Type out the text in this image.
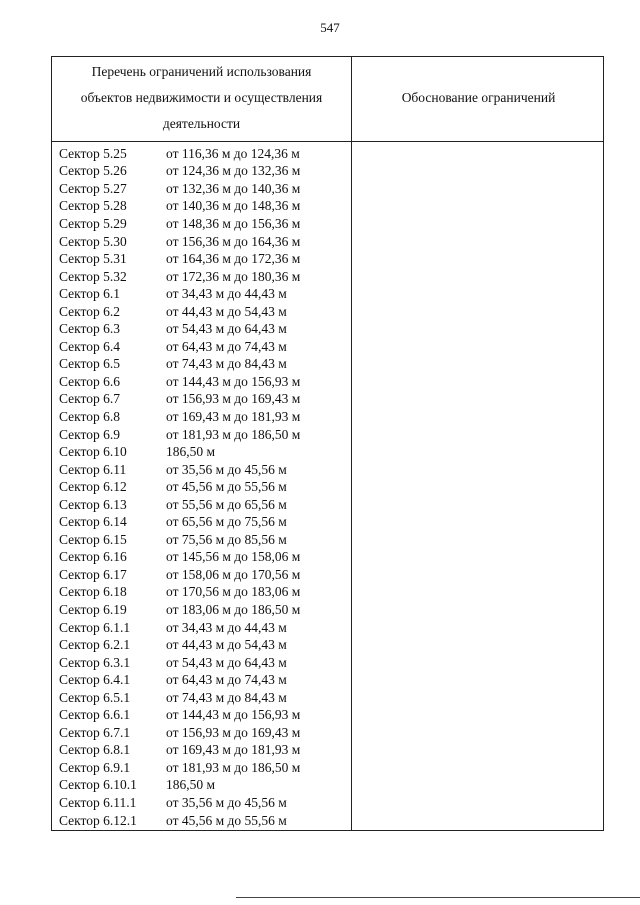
547
Перечень ограничений использования
объектов недвижимости и осуществления
деятельности
Обоснование ограничений
Сектор 5.25	от 116,36 м до 124,36 м
Сектор 5.26	от 124,36 м до 132,36 м
Сектор 5.27	от 132,36 м до 140,36 м
Сектор 5.28	от 140,36 м до 148,36 м
Сектор 5.29	от 148,36 м до 156,36 м
Сектор 5.30	от 156,36 м до 164,36 м
Сектор 5.31	от 164,36 м до 172,36 м
Сектор 5.32	от 172,36 м до 180,36 м
Сектор 6.1	от 34,43 м до 44,43 м
Сектор 6.2	от 44,43 м до 54,43 м
Сектор 6.3	от 54,43 м до 64,43 м
Сектор 6.4	от 64,43 м до 74,43 м
Сектор 6.5	от 74,43 м до 84,43 м
Сектор 6.6	от 144,43 м до 156,93 м
Сектор 6.7	от 156,93 м до 169,43 м
Сектор 6.8	от 169,43 м до 181,93 м
Сектор 6.9	от 181,93 м до 186,50 м
Сектор 6.10	186,50 м
Сектор 6.11	от 35,56 м до 45,56 м
Сектор 6.12	от 45,56 м до 55,56 м
Сектор 6.13	от 55,56 м до 65,56 м
Сектор 6.14	от 65,56 м до 75,56 м
Сектор 6.15	от 75,56 м до 85,56 м
Сектор 6.16	от 145,56 м до 158,06 м
Сектор 6.17	от 158,06 м до 170,56 м
Сектор 6.18	от 170,56 м до 183,06 м
Сектор 6.19	от 183,06 м до 186,50 м
Сектор 6.1.1	от 34,43 м до 44,43 м
Сектор 6.2.1	от 44,43 м до 54,43 м
Сектор 6.3.1	от 54,43 м до 64,43 м
Сектор 6.4.1	от 64,43 м до 74,43 м
Сектор 6.5.1	от 74,43 м до 84,43 м
Сектор 6.6.1	от 144,43 м до 156,93 м
Сектор 6.7.1	от 156,93 м до 169,43 м
Сектор 6.8.1	от 169,43 м до 181,93 м
Сектор 6.9.1	от 181,93 м до 186,50 м
Сектор 6.10.1	186,50 м
Сектор 6.11.1	от 35,56 м до 45,56 м
Сектор 6.12.1	от 45,56 м до 55,56 м
